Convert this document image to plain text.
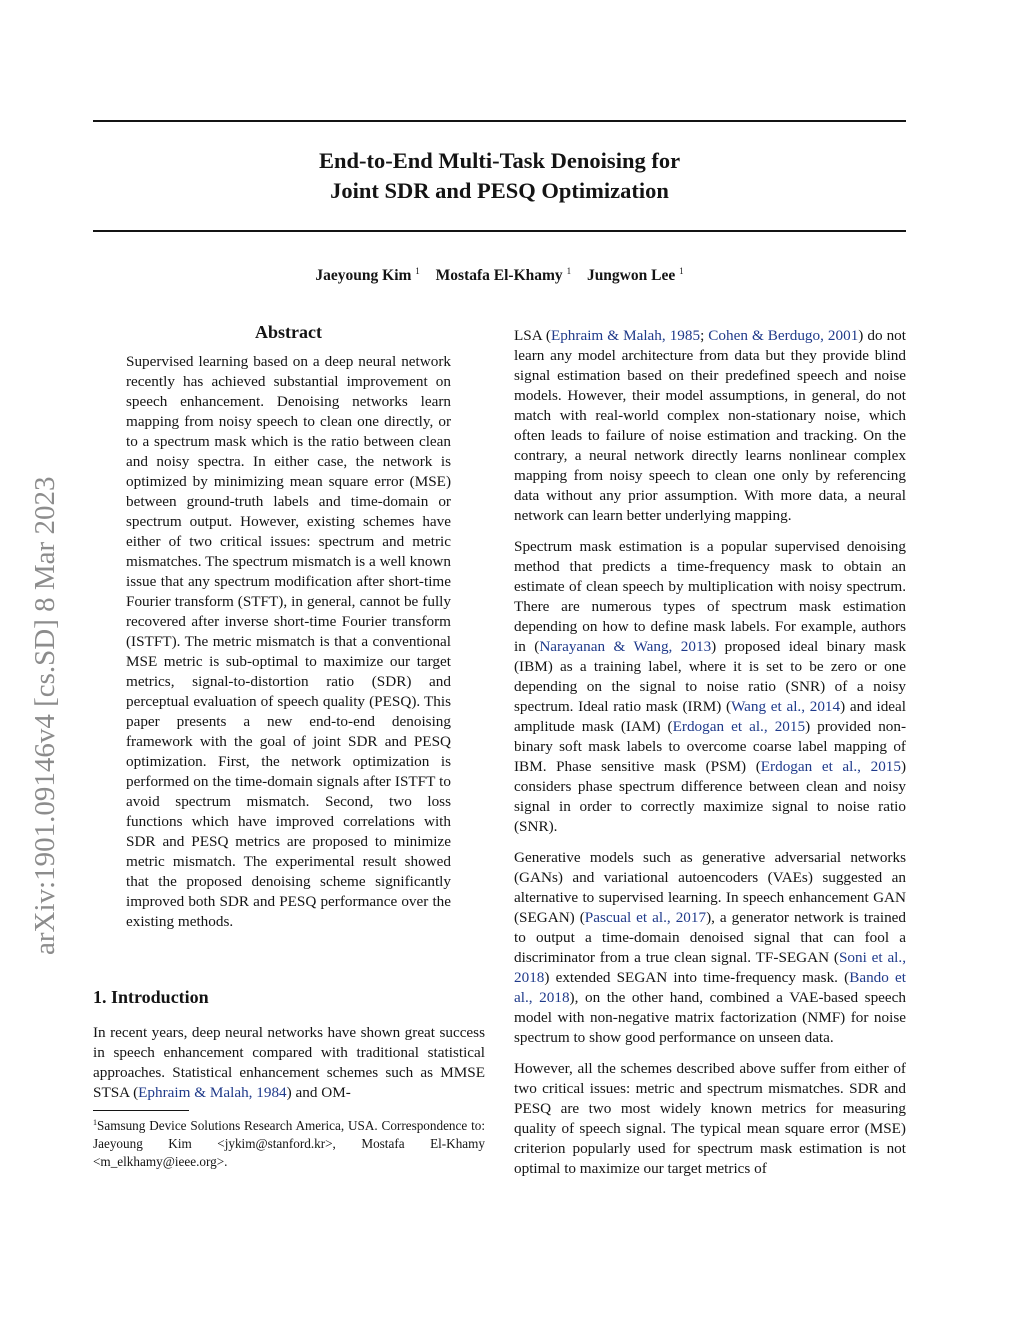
End-to-End Multi-Task Denoising for
Joint SDR and PESQ Optimization
Jaeyoung Kim $^1$ Mostafa El-Khamy $^1$ Jungwon Lee $^1$
arXiv:1901.09146v4 [cs.SD] 8 Mar 2023
Abstract
Supervised learning based on a deep neural network recently has achieved substantial improvement on speech enhancement. Denoising networks learn mapping from noisy speech to clean one directly, or to a spectrum mask which is the ratio between clean and noisy spectra. In either case, the network is optimized by minimizing mean square error (MSE) between ground-truth labels and time-domain or spectrum output. However, existing schemes have either of two critical issues: spectrum and metric mismatches. The spectrum mismatch is a well known issue that any spectrum modification after short-time Fourier transform (STFT), in general, cannot be fully recovered after inverse short-time Fourier transform (ISTFT). The metric mismatch is that a conventional MSE metric is sub-optimal to maximize our target metrics, signal-to-distortion ratio (SDR) and perceptual evaluation of speech quality (PESQ). This paper presents a new end-to-end denoising framework with the goal of joint SDR and PESQ optimization. First, the network optimization is performed on the time-domain signals after ISTFT to avoid spectrum mismatch. Second, two loss functions which have improved correlations with SDR and PESQ metrics are proposed to minimize metric mismatch. The experimental result showed that the proposed denoising scheme significantly improved both SDR and PESQ performance over the existing methods.
1. Introduction
In recent years, deep neural networks have shown great success in speech enhancement compared with traditional statistical approaches. Statistical enhancement schemes such as MMSE STSA (Ephraim & Malah, 1984) and OM-
$^1$Samsung Device Solutions Research America, USA. Correspondence to: Jaeyoung Kim <jykim@stanford.kr>, Mostafa El-Khamy <m_elkhamy@ieee.org>.

LSA (Ephraim & Malah, 1985; Cohen & Berdugo, 2001) do not learn any model architecture from data but they provide blind signal estimation based on their predefined speech and noise models. However, their model assumptions, in general, do not match with real-world complex non-stationary noise, which often leads to failure of noise estimation and tracking. On the contrary, a neural network directly learns nonlinear complex mapping from noisy speech to clean one only by referencing data without any prior assumption. With more data, a neural network can learn better underlying mapping.

Spectrum mask estimation is a popular supervised denoising method that predicts a time-frequency mask to obtain an estimate of clean speech by multiplication with noisy spectrum. There are numerous types of spectrum mask estimation depending on how to define mask labels. For example, authors in (Narayanan & Wang, 2013) proposed ideal binary mask (IBM) as a training label, where it is set to be zero or one depending on the signal to noise ratio (SNR) of a noisy spectrum. Ideal ratio mask (IRM) (Wang et al., 2014) and ideal amplitude mask (IAM) (Erdogan et al., 2015) provided non-binary soft mask labels to overcome coarse label mapping of IBM. Phase sensitive mask (PSM) (Erdogan et al., 2015) considers phase spectrum difference between clean and noisy signal in order to correctly maximize signal to noise ratio (SNR).

Generative models such as generative adversarial networks (GANs) and variational autoencoders (VAEs) suggested an alternative to supervised learning. In speech enhancement GAN (SEGAN) (Pascual et al., 2017), a generator network is trained to output a time-domain denoised signal that can fool a discriminator from a true clean signal. TF-SEGAN (Soni et al., 2018) extended SEGAN into time-frequency mask. (Bando et al., 2018), on the other hand, combined a VAE-based speech model with non-negative matrix factorization (NMF) for noise spectrum to show good performance on unseen data.

However, all the schemes described above suffer from either of two critical issues: metric and spectrum mismatches. SDR and PESQ are two most widely known metrics for measuring quality of speech signal. The typical mean square error (MSE) criterion popularly used for spectrum mask estimation is not optimal to maximize our target metrics of
